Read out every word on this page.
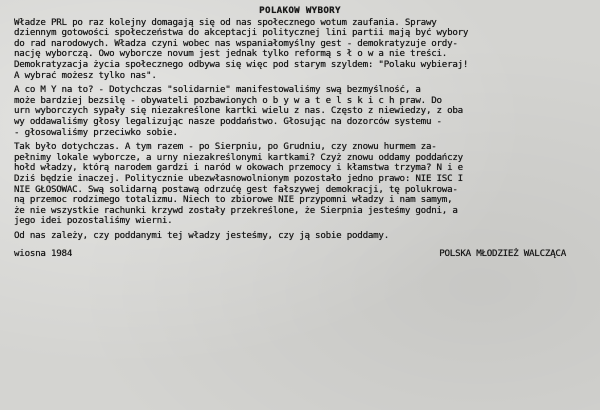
POLAKOW WYBORY
Władze PRL po raz kolejny domagają się od nas społecznego wotum zaufania. Sprawy
dziennym gotowości społeczeństwa do akceptacji politycznej lini partii mają być wybory
do rad narodowych. Władza czyni wobec nas wspaniałomyślny gest - demokratyzuje ordy-
nację wyborczą. Owo wyborcze novum jest jednak tylko reformą s ł o w a nie treści.
Demokratyzacja życia społecznego odbywa się więc pod starym szyldem: "Polaku wybieraj!
A wybrać możesz tylko nas".
A co M Y na to? - Dotychczas "solidarnie" manifestowaliśmy swą bezmyślność, a
może bardziej bezsilę - obywateli pozbawionych o b y w a t e l s k i c h praw. Do
urn wyborczych sypały się niezakreślone kartki wielu z nas. Często z niewiedzy, z oba
wy oddawaliśmy głosy legalizując nasze poddaństwo. Głosując na dozorców systemu -
- głosowaliśmy przeciwko sobie.
Tak było dotychczas. A tym razem - po Sierpniu, po Grudniu, czy znowu hurmem za-
pełnimy lokale wyborcze, a urny niezakreślonymi kartkami? Czyż znowu oddamy poddańczy
hołd władzy, którą narodem gardzi i naród w okowach przemocy i kłamstwa trzyma? N i e
Dziś będzie inaczej. Politycznie ubezwłasnowolnionym pozostało jedno prawo: NIE IŚĆ I
NIE GŁOSOWAĆ. Swą solidarną postawą odrzućę gest fałszywej demokracji, tę polukrowa-
ną przemoc rodzimego totalizmu. Niech to zbiorowe NIE przypomni władzy i nam samym,
że nie wszystkie rachunki krzywd zostały przekreślone, że Sierpnia jesteśmy godni, a
jego idei pozostaliśmy wierni.
Od nas zależy, czy poddanymi tej władzy jesteśmy, czy ją sobie poddamy.
wiosna 1984	POLSKA MŁODZIEŻ WALCZĄCA
